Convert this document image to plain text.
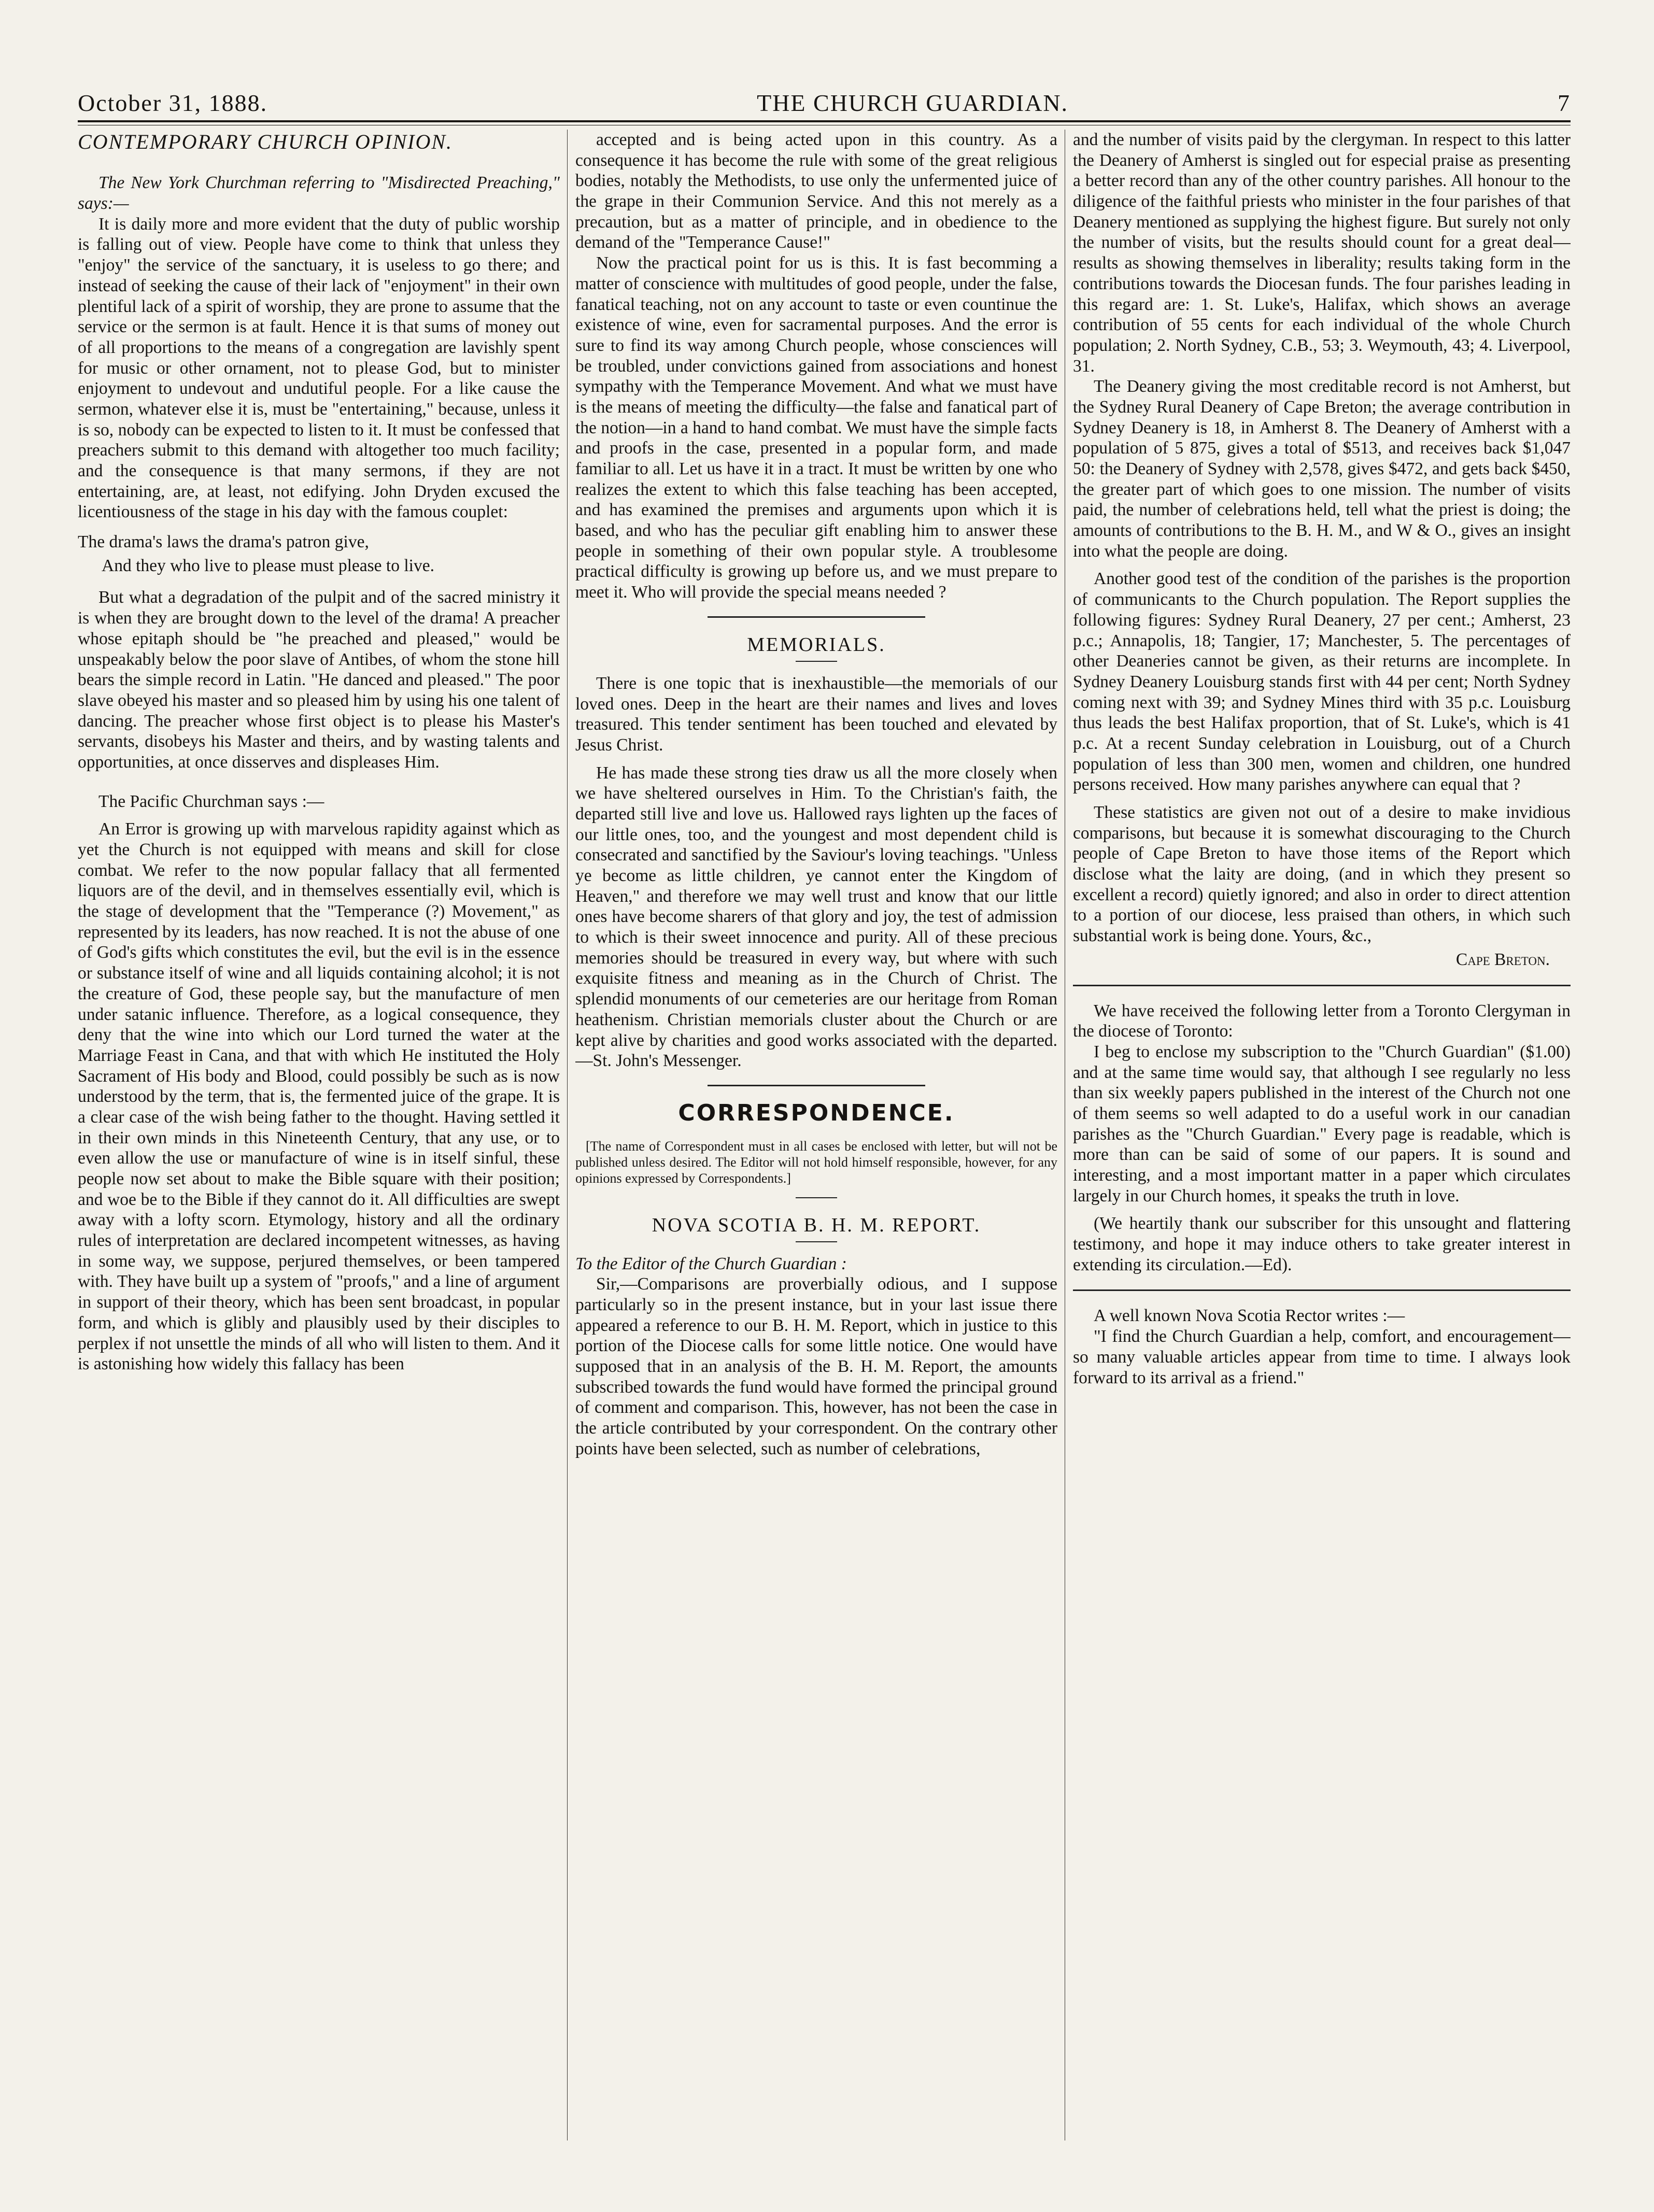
October 31, 1888.	THE CHURCH GUARDIAN.	7

CONTEMPORARY CHURCH OPINION.

The New York Churchman referring to "Misdirected Preaching," says:—

It is daily more and more evident that the duty of public worship is falling out of view. People have come to think that unless they "enjoy" the service of the sanctuary, it is useless to go there; and instead of seeking the cause of their lack of "enjoyment" in their own plentiful lack of a spirit of worship, they are prone to assume that the service or the sermon is at fault. Hence it is that sums of money out of all proportions to the means of a congregation are lavishly spent for music or other ornament, not to please God, but to minister enjoyment to undevout and undutiful people. For a like cause the sermon, whatever else it is, must be "entertaining," because, unless it is so, nobody can be expected to listen to it. It must be confessed that preachers submit to this demand with altogether too much facility; and the consequence is that many sermons, if they are not entertaining, are, at least, not edifying. John Dryden excused the licentiousness of the stage in his day with the famous couplet:

The drama's laws the drama's patron give,

And they who live to please must please to live.

But what a degradation of the pulpit and of the sacred ministry it is when they are brought down to the level of the drama! A preacher whose epitaph should be "he preached and pleased," would be unspeakably below the poor slave of Antibes, of whom the stone hill bears the simple record in Latin. "He danced and pleased." The poor slave obeyed his master and so pleased him by using his one talent of dancing. The preacher whose first object is to please his Master's servants, disobeys his Master and theirs, and by wasting talents and opportunities, at once disserves and displeases Him.

The Pacific Churchman says :—

An Error is growing up with marvelous rapidity against which as yet the Church is not equipped with means and skill for close combat. We refer to the now popular fallacy that all fermented liquors are of the devil, and in themselves essentially evil, which is the stage of development that the "Temperance (?) Movement," as represented by its leaders, has now reached. It is not the abuse of one of God's gifts which constitutes the evil, but the evil is in the essence or substance itself of wine and all liquids containing alcohol; it is not the creature of God, these people say, but the manufacture of men under satanic influence. Therefore, as a logical consequence, they deny that the wine into which our Lord turned the water at the Marriage Feast in Cana, and that with which He instituted the Holy Sacrament of His body and Blood, could possibly be such as is now understood by the term, that is, the fermented juice of the grape. It is a clear case of the wish being father to the thought. Having settled it in their own minds in this Nineteenth Century, that any use, or to even allow the use or manufacture of wine is in itself sinful, these people now set about to make the Bible square with their position; and woe be to the Bible if they cannot do it. All difficulties are swept away with a lofty scorn. Etymology, history and all the ordinary rules of interpretation are declared incompetent witnesses, as having in some way, we suppose, perjured themselves, or been tampered with. They have built up a system of "proofs," and a line of argument in support of their theory, which has been sent broadcast, in popular form, and which is glibly and plausibly used by their disciples to perplex if not unsettle the minds of all who will listen to them. And it is astonishing how widely this fallacy has been

accepted and is being acted upon in this country. As a consequence it has become the rule with some of the great religious bodies, notably the Methodists, to use only the unfermented juice of the grape in their Communion Service. And this not merely as a precaution, but as a matter of principle, and in obedience to the demand of the "Temperance Cause!"

Now the practical point for us is this. It is fast becomming a matter of conscience with multitudes of good people, under the false, fanatical teaching, not on any account to taste or even countinue the existence of wine, even for sacramental purposes. And the error is sure to find its way among Church people, whose consciences will be troubled, under convictions gained from associations and honest sympathy with the Temperance Movement. And what we must have is the means of meeting the difficulty—the false and fanatical part of the notion—in a hand to hand combat. We must have the simple facts and proofs in the case, presented in a popular form, and made familiar to all. Let us have it in a tract. It must be written by one who realizes the extent to which this false teaching has been accepted, and has examined the premises and arguments upon which it is based, and who has the peculiar gift enabling him to answer these people in something of their own popular style. A troublesome practical difficulty is growing up before us, and we must prepare to meet it. Who will provide the special means needed ?

MEMORIALS.

There is one topic that is inexhaustible—the memorials of our loved ones. Deep in the heart are their names and lives and loves treasured. This tender sentiment has been touched and elevated by Jesus Christ.

He has made these strong ties draw us all the more closely when we have sheltered ourselves in Him. To the Christian's faith, the departed still live and love us. Hallowed rays lighten up the faces of our little ones, too, and the youngest and most dependent child is consecrated and sanctified by the Saviour's loving teachings. "Unless ye become as little children, ye cannot enter the Kingdom of Heaven," and therefore we may well trust and know that our little ones have become sharers of that glory and joy, the test of admission to which is their sweet innocence and purity. All of these precious memories should be treasured in every way, but where with such exquisite fitness and meaning as in the Church of Christ. The splendid monuments of our cemeteries are our heritage from Roman heathenism. Christian memorials cluster about the Church or are kept alive by charities and good works associated with the departed.—St. John's Messenger.

CORRESPONDENCE.

[The name of Correspondent must in all cases be enclosed with letter, but will not be published unless desired. The Editor will not hold himself responsible, however, for any opinions expressed by Correspondents.]

NOVA SCOTIA B. H. M. REPORT.

To the Editor of the Church Guardian :

Sir,—Comparisons are proverbially odious, and I suppose particularly so in the present instance, but in your last issue there appeared a reference to our B. H. M. Report, which in justice to this portion of the Diocese calls for some little notice. One would have supposed that in an analysis of the B. H. M. Report, the amounts subscribed towards the fund would have formed the principal ground of comment and comparison. This, however, has not been the case in the article contributed by your correspondent. On the contrary other points have been selected, such as number of celebrations,

and the number of visits paid by the clergyman. In respect to this latter the Deanery of Amherst is singled out for especial praise as presenting a better record than any of the other country parishes. All honour to the diligence of the faithful priests who minister in the four parishes of that Deanery mentioned as supplying the highest figure. But surely not only the number of visits, but the results should count for a great deal—results as showing themselves in liberality; results taking form in the contributions towards the Diocesan funds. The four parishes leading in this regard are: 1. St. Luke's, Halifax, which shows an average contribution of 55 cents for each individual of the whole Church population; 2. North Sydney, C.B., 53; 3. Weymouth, 43; 4. Liverpool, 31.

The Deanery giving the most creditable record is not Amherst, but the Sydney Rural Deanery of Cape Breton; the average contribution in Sydney Deanery is 18, in Amherst 8. The Deanery of Amherst with a population of 5 875, gives a total of $513, and receives back $1,047 50: the Deanery of Sydney with 2,578, gives $472, and gets back $450, the greater part of which goes to one mission. The number of visits paid, the number of celebrations held, tell what the priest is doing; the amounts of contributions to the B. H. M., and W & O., gives an insight into what the people are doing.

Another good test of the condition of the parishes is the proportion of communicants to the Church population. The Report supplies the following figures: Sydney Rural Deanery, 27 per cent.; Amherst, 23 p.c.; Annapolis, 18; Tangier, 17; Manchester, 5. The percentages of other Deaneries cannot be given, as their returns are incomplete. In Sydney Deanery Louisburg stands first with 44 per cent; North Sydney coming next with 39; and Sydney Mines third with 35 p.c. Louisburg thus leads the best Halifax proportion, that of St. Luke's, which is 41 p.c. At a recent Sunday celebration in Louisburg, out of a Church population of less than 300 men, women and children, one hundred persons received. How many parishes anywhere can equal that ?

These statistics are given not out of a desire to make invidious comparisons, but because it is somewhat discouraging to the Church people of Cape Breton to have those items of the Report which disclose what the laity are doing, (and in which they present so excellent a record) quietly ignored; and also in order to direct attention to a portion of our diocese, less praised than others, in which such substantial work is being done. Yours, &c.,

Cape Breton.

We have received the following letter from a Toronto Clergyman in the diocese of Toronto:

I beg to enclose my subscription to the "Church Guardian" ($1.00) and at the same time would say, that although I see regularly no less than six weekly papers published in the interest of the Church not one of them seems so well adapted to do a useful work in our canadian parishes as the "Church Guardian." Every page is readable, which is more than can be said of some of our papers. It is sound and interesting, and a most important matter in a paper which circulates largely in our Church homes, it speaks the truth in love.

(We heartily thank our subscriber for this unsought and flattering testimony, and hope it may induce others to take greater interest in extending its circulation.—Ed).

A well known Nova Scotia Rector writes :—

"I find the Church Guardian a help, comfort, and encouragement—so many valuable articles appear from time to time. I always look forward to its arrival as a friend."
